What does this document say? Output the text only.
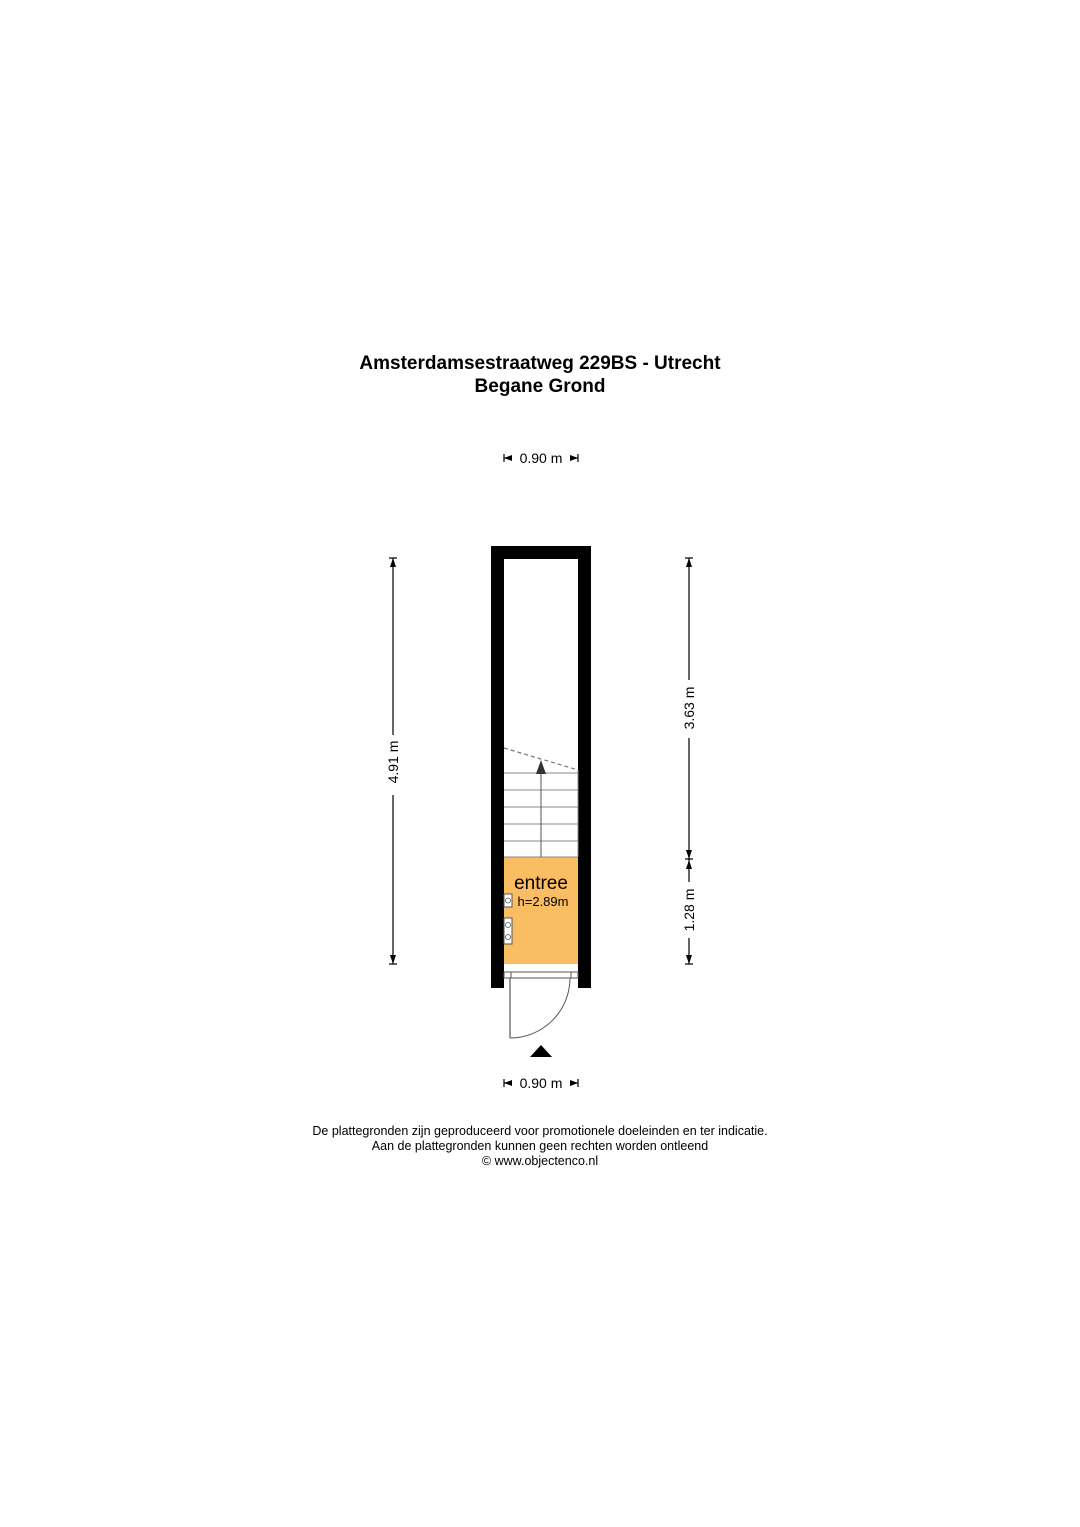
Amsterdamsestraatweg 229BS - Utrecht
Begane Grond
0.90 m
4.91 m
3.63 m
1.28 m
entree
h=2.89m
0.90 m
De plattegronden zijn geproduceerd voor promotionele doeleinden en ter indicatie.
Aan de plattegronden kunnen geen rechten worden ontleend
© www.objectenco.nl
